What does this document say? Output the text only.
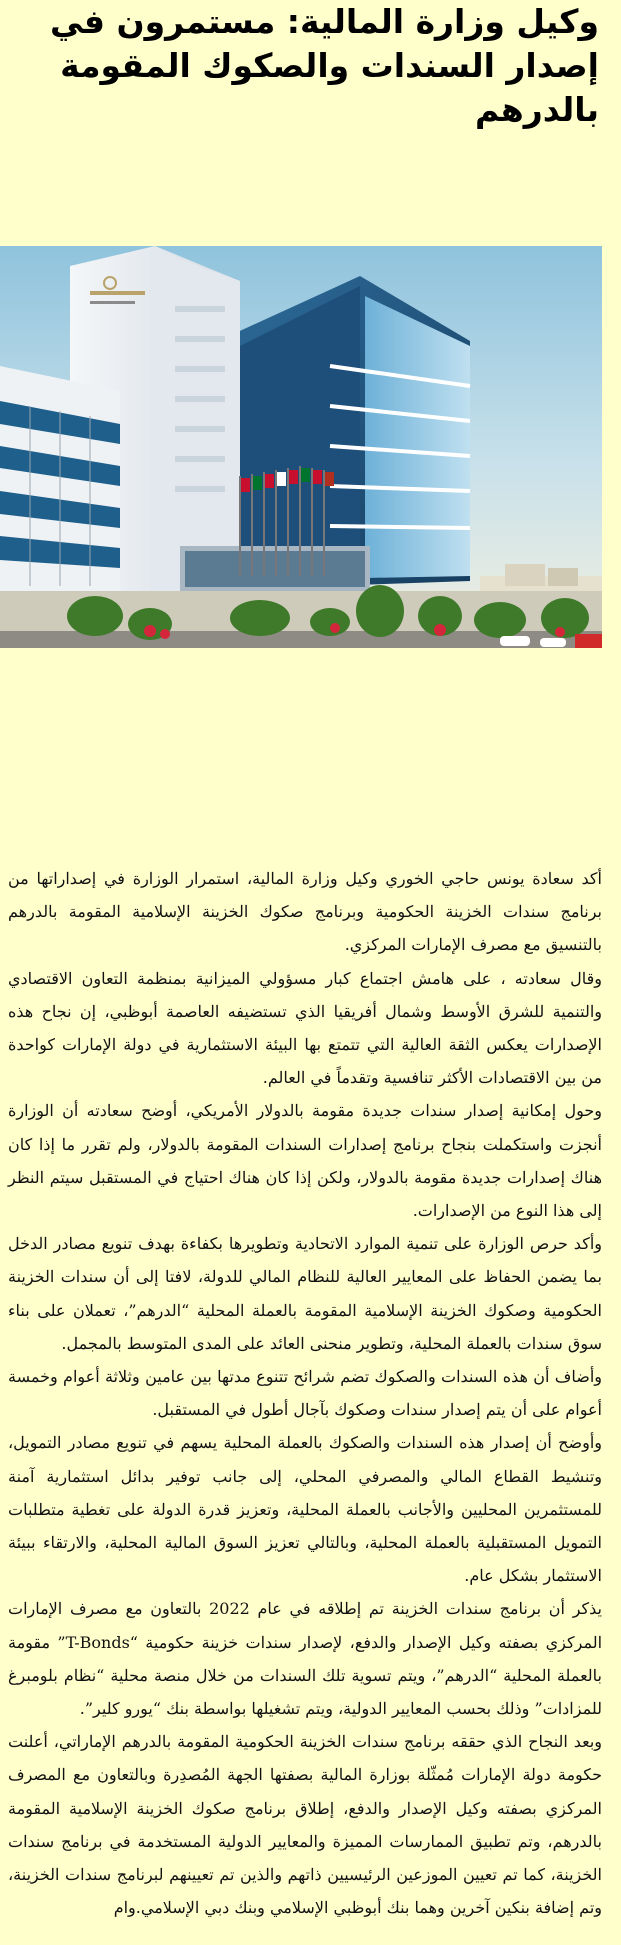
وكيل وزارة المالية: مستمرون في إصدار السندات والصكوك المقومة بالدرهم

أكد سعادة يونس حاجي الخوري وكيل وزارة المالية، استمرار الوزارة في إصداراتها من برنامج سندات الخزينة الحكومية وبرنامج صكوك الخزينة الإسلامية المقومة بالدرهم بالتنسيق مع مصرف الإمارات المركزي.

وقال سعادته ، على هامش اجتماع كبار مسؤولي الميزانية بمنظمة التعاون الاقتصادي والتنمية للشرق الأوسط وشمال أفريقيا الذي تستضيفه العاصمة أبوظبي، إن نجاح هذه الإصدارات يعكس الثقة العالية التي تتمتع بها البيئة الاستثمارية في دولة الإمارات كواحدة من بين الاقتصادات الأكثر تنافسية وتقدماً في العالم.

وحول إمكانية إصدار سندات جديدة مقومة بالدولار الأمريكي، أوضح سعادته أن الوزارة أنجزت واستكملت بنجاح برنامج إصدارات السندات المقومة بالدولار، ولم تقرر ما إذا كان هناك إصدارات جديدة مقومة بالدولار، ولكن إذا كان هناك احتياج في المستقبل سيتم النظر إلى هذا النوع من الإصدارات.

وأكد حرص الوزارة على تنمية الموارد الاتحادية وتطويرها بكفاءة بهدف تنويع مصادر الدخل بما يضمن الحفاظ على المعايير العالية للنظام المالي للدولة، لافتا إلى أن سندات الخزينة الحكومية وصكوك الخزينة الإسلامية المقومة بالعملة المحلية “الدرهم”، تعملان على بناء سوق سندات بالعملة المحلية، وتطوير منحنى العائد على المدى المتوسط بالمجمل.

وأضاف أن هذه السندات والصكوك تضم شرائح تتنوع مدتها بين عامين وثلاثة أعوام وخمسة أعوام على أن يتم إصدار سندات وصكوك بآجال أطول في المستقبل.

وأوضح أن إصدار هذه السندات والصكوك بالعملة المحلية يسهم في تنويع مصادر التمويل، وتنشيط القطاع المالي والمصرفي المحلي، إلى جانب توفير بدائل استثمارية آمنة للمستثمرين المحليين والأجانب بالعملة المحلية، وتعزيز قدرة الدولة على تغطية متطلبات التمويل المستقبلية بالعملة المحلية، وبالتالي تعزيز السوق المالية المحلية، والارتقاء ببيئة الاستثمار بشكل عام.

يذكر أن برنامج سندات الخزينة تم إطلاقه في عام 2022 بالتعاون مع مصرف الإمارات المركزي بصفته وكيل الإصدار والدفع، لإصدار سندات خزينة حكومية “T-Bonds” مقومة بالعملة المحلية “الدرهم”، ويتم تسوية تلك السندات من خلال منصة محلية “نظام بلومبرغ للمزادات” وذلك بحسب المعايير الدولية، ويتم تشغيلها بواسطة بنك “يورو كلير”.

وبعد النجاح الذي حققه برنامج سندات الخزينة الحكومية المقومة بالدرهم الإماراتي، أعلنت حكومة دولة الإمارات مُمثّلة بوزارة المالية بصفتها الجهة المُصدِرة وبالتعاون مع المصرف المركزي بصفته وكيل الإصدار والدفع، إطلاق برنامج صكوك الخزينة الإسلامية المقومة بالدرهم، وتم تطبيق الممارسات المميزة والمعايير الدولية المستخدمة في برنامج سندات الخزينة، كما تم تعيين الموزعين الرئيسيين ذاتهم والذين تم تعيينهم لبرنامج سندات الخزينة، وتم إضافة بنكين آخرين وهما بنك أبوظبي الإسلامي وبنك دبي الإسلامي.وام
